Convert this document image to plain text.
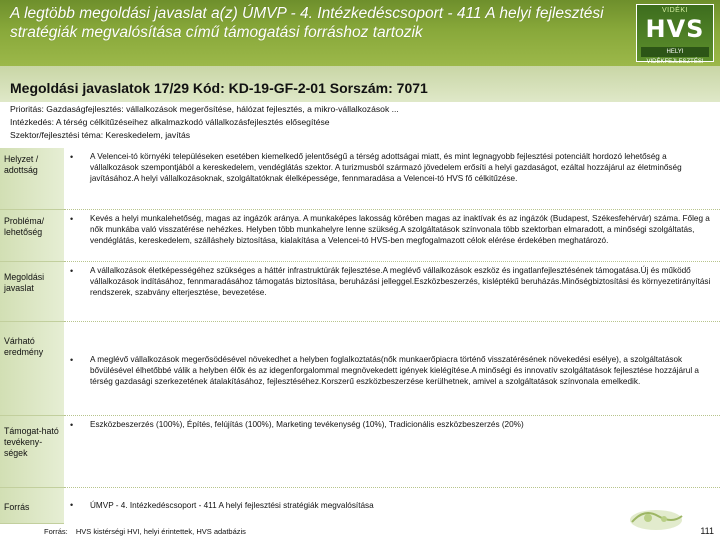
A legtöbb megoldási javaslat a(z) ÚMVP - 4. Intézkedéscsoport - 411 A helyi fejlesztési stratégiák megvalósítása című támogatási forráshoz tartozik
VIDÉKI
HVS
HELYI VIDÉKFEJLESZTÉSI
Megoldási javaslatok 17/29 Kód: KD-19-GF-2-01 Sorszám: 7071
Prioritás: Gazdaságfejlesztés: vállalkozások megerősítése, hálózat fejlesztés, a mikro-vállalkozások ...
Intézkedés: A térség célkitűzéseihez alkalmazkodó vállalkozásfejlesztés elősegítése
Szektor/fejlesztési téma: Kereskedelem, javítás
Helyzet / adottság
• A Velencei-tó környéki településeken esetében kiemelkedő jelentőségű a térség adottságai miatt, és mint legnagyobb fejlesztési potenciált hordozó lehetőség a vállalkozások szempontjából a kereskedelem, vendéglátás szektor. A turizmusból származó jövedelem erősíti a helyi gazdaságot, ezáltal hozzájárul az életminőség javításához.A helyi vállalkozásoknak, szolgáltatóknak élelképessége, fennmaradása a Velencei-tó HVS fő célkitűzése.
Probléma/ lehetőség
• Kevés a helyi munkalehetőség, magas az ingázók aránya. A munkaképes lakosság körében magas az inaktívak és az ingázók (Budapest, Székesfehérvár) száma. Főleg a nők munkába való visszatérése nehézkes. Helyben több munkahelyre lenne szükség.A szolgáltatások színvonala több szektorban elmaradott, a minőségi szolgáltatás, vendéglátás, kereskedelem, szálláshely biztosítása, kialakítása a Velencei-tó HVS-ben megfogalmazott célok elérése érdekében meghatározó.
Megoldási javaslat
• A vállalkozások életképességéhez szükséges a háttér infrastruktúrák fejlesztése.A meglévő vállalkozások eszköz és ingatlanfejlesztésének támogatása.Új és működő vállalkozások indításához, fennmaradásához támogatás biztosítása, beruházási jelleggel.Eszközbeszerzés, kisléptékű beruházás.Minőségbiztosítási és környezetirányítási rendszerek, szabvány elterjesztése, bevezetése.
Várható eredmény
• A meglévő vállalkozások megerősödésével növekedhet a helyben foglalkoztatás(nők munkaerőpiacra történő visszatérésének növekedési esélye), a szolgáltatások bővülésével élhetőbbé válik a helyben élők és az idegenforgalommal megnövekedett igények kielégítése.A minőségi és innovatív szolgáltatások fejlesztése hozzájárul a térség gazdasági szerkezetének átalakításához, fejlesztéséhez.Korszerű eszközbeszerzése kerülhetnek, amivel a szolgáltatások színvonala emelkedik.
Támogat-ható tevékeny-ségek
• Eszközbeszerzés (100%), Építés, felújítás (100%), Marketing tevékenység (10%), Tradicionális eszközbeszerzés (20%)
Forrás	• ÚMVP - 4. Intézkedéscsoport - 411 A helyi fejlesztési stratégiák megvalósítása
Forrás: HVS kistérségi HVI, helyi érintettek, HVS adatbázis	111
